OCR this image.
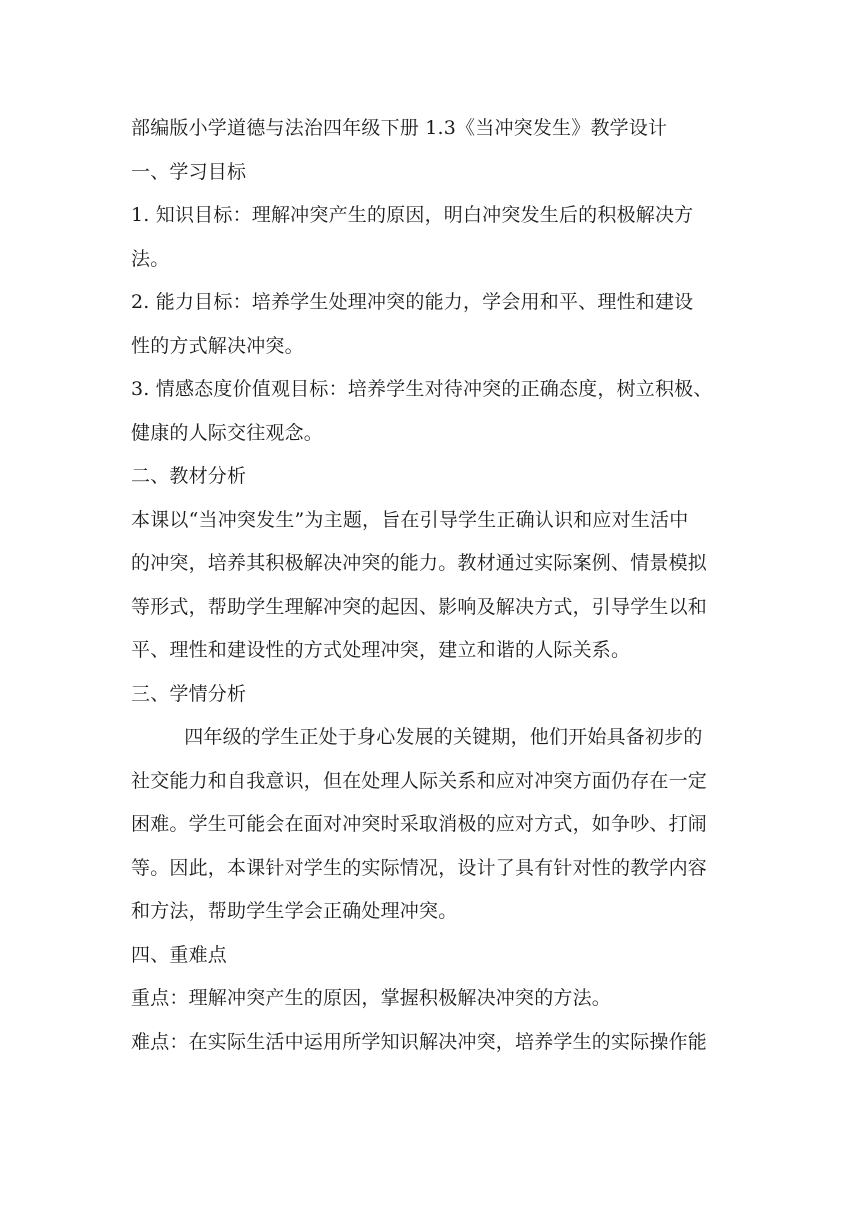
部编版小学道德与法治四年级下册 1.3《当冲突发生》教学设计
一、学习目标
1. 知识目标：理解冲突产生的原因，明白冲突发生后的积极解决方
法。
2. 能力目标：培养学生处理冲突的能力，学会用和平、理性和建设
性的方式解决冲突。
3. 情感态度价值观目标：培养学生对待冲突的正确态度，树立积极、
健康的人际交往观念。
二、教材分析
本课以“当冲突发生”为主题，旨在引导学生正确认识和应对生活中
的冲突，培养其积极解决冲突的能力。教材通过实际案例、情景模拟
等形式，帮助学生理解冲突的起因、影响及解决方式，引导学生以和
平、理性和建设性的方式处理冲突，建立和谐的人际关系。
三、学情分析
四年级的学生正处于身心发展的关键期，他们开始具备初步的
社交能力和自我意识，但在处理人际关系和应对冲突方面仍存在一定
困难。学生可能会在面对冲突时采取消极的应对方式，如争吵、打闹
等。因此，本课针对学生的实际情况，设计了具有针对性的教学内容
和方法，帮助学生学会正确处理冲突。
四、重难点
重点：理解冲突产生的原因，掌握积极解决冲突的方法。
难点：在实际生活中运用所学知识解决冲突，培养学生的实际操作能
